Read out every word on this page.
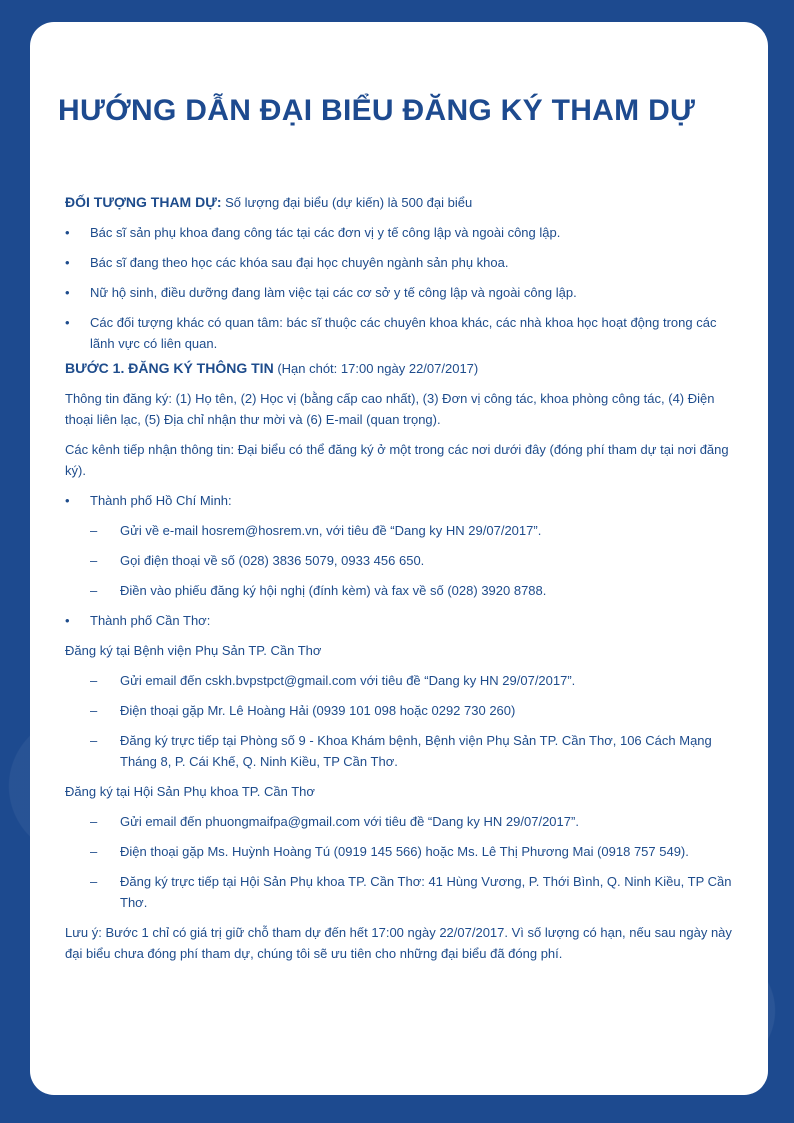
HƯỚNG DẪN ĐẠI BIỂU ĐĂNG KÝ THAM DỰ

ĐỐI TƯỢNG THAM DỰ: Số lượng đại biểu (dự kiến) là 500 đại biểu

• Bác sĩ sản phụ khoa đang công tác tại các đơn vị y tế công lập và ngoài công lập.
• Bác sĩ đang theo học các khóa sau đại học chuyên ngành sản phụ khoa.
• Nữ hộ sinh, điều dưỡng đang làm việc tại các cơ sở y tế công lập và ngoài công lập.
• Các đối tượng khác có quan tâm: bác sĩ thuộc các chuyên khoa khác, các nhà khoa học hoạt động trong các lãnh vực có liên quan.

BƯỚC 1. ĐĂNG KÝ THÔNG TIN (Hạn chót: 17:00 ngày 22/07/2017)

Thông tin đăng ký: (1) Họ tên, (2) Học vị (bằng cấp cao nhất), (3) Đơn vị công tác, khoa phòng công tác, (4) Điện thoại liên lạc, (5) Địa chỉ nhận thư mời và (6) E-mail (quan trọng).

Các kênh tiếp nhận thông tin: Đại biểu có thể đăng ký ở một trong các nơi dưới đây (đóng phí tham dự tại nơi đăng ký).

• Thành phố Hồ Chí Minh:
– Gửi về e-mail hosrem@hosrem.vn, với tiêu đề “Dang ky HN 29/07/2017”.
– Gọi điện thoại về số (028) 3836 5079, 0933 456 650.
– Điền vào phiếu đăng ký hội nghị (đính kèm) và fax về số (028) 3920 8788.
• Thành phố Cần Thơ:

Đăng ký tại Bệnh viện Phụ Sản TP. Cần Thơ

– Gửi email đến cskh.bvpstpct@gmail.com với tiêu đề “Dang ky HN 29/07/2017”.
– Điện thoại gặp Mr. Lê Hoàng Hải (0939 101 098 hoặc 0292 730 260)
– Đăng ký trực tiếp tại Phòng số 9 - Khoa Khám bệnh, Bệnh viện Phụ Sản TP. Cần Thơ, 106 Cách Mạng Tháng 8, P. Cái Khế, Q. Ninh Kiều, TP Cần Thơ.

Đăng ký tại Hội Sản Phụ khoa TP. Cần Thơ

– Gửi email đến phuongmaifpa@gmail.com với tiêu đề “Dang ky HN 29/07/2017”.
– Điện thoại gặp Ms. Huỳnh Hoàng Tú (0919 145 566) hoặc Ms. Lê Thị Phương Mai (0918 757 549).
– Đăng ký trực tiếp tại Hội Sản Phụ khoa TP. Cần Thơ: 41 Hùng Vương, P. Thới Bình, Q. Ninh Kiều, TP Cần Thơ.

Lưu ý: Bước 1 chỉ có giá trị giữ chỗ tham dự đến hết 17:00 ngày 22/07/2017. Vì số lượng có hạn, nếu sau ngày này đại biểu chưa đóng phí tham dự, chúng tôi sẽ ưu tiên cho những đại biểu đã đóng phí.
